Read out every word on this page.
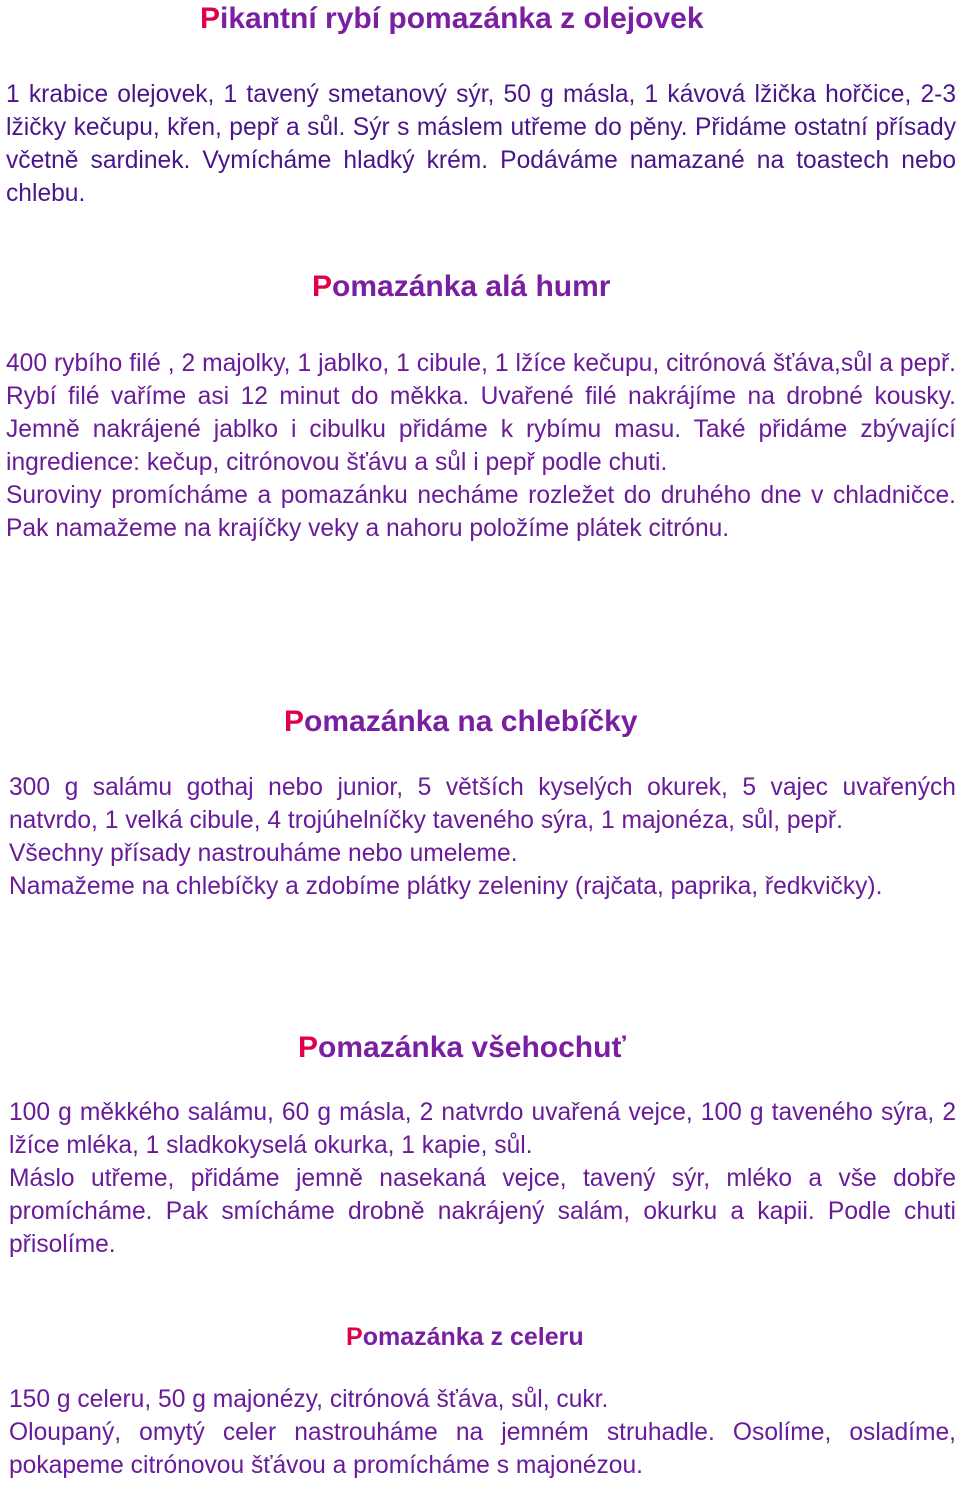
Pikantní rybí pomazánka z olejovek

1 krabice olejovek, 1 tavený smetanový sýr, 50 g másla, 1 kávová lžička hořčice, 2-3 lžičky kečupu, křen, pepř a sůl. Sýr s máslem utřeme do pěny. Přidáme ostatní přísady včetně sardinek. Vymícháme hladký krém. Podáváme namazané na toastech nebo chlebu.

Pomazánka alá humr

400 rybího filé , 2 majolky, 1 jablko, 1 cibule, 1 lžíce kečupu, citrónová šťáva,sůl a pepř. Rybí filé vaříme asi 12 minut do měkka. Uvařené filé nakrájíme na drobné kousky. Jemně nakrájené jablko i cibulku přidáme k rybímu masu. Také přidáme zbývající ingredience: kečup, citrónovou šťávu a sůl i pepř podle chuti.

Suroviny promícháme a pomazánku necháme rozležet do druhého dne v chladničce. Pak namažeme na krajíčky veky a nahoru položíme plátek citrónu.

Pomazánka na chlebíčky

300 g salámu gothaj nebo junior, 5 větších kyselých okurek, 5 vajec uvařených natvrdo, 1 velká cibule, 4 trojúhelníčky taveného sýra, 1 majonéza, sůl, pepř.

Všechny přísady nastrouháme nebo umeleme.

Namažeme na chlebíčky a zdobíme plátky zeleniny (rajčata, paprika, ředkvičky).

Pomazánka všehochuť

100 g měkkého salámu, 60 g másla, 2 natvrdo uvařená vejce, 100 g taveného sýra, 2 lžíce mléka, 1 sladkokyselá okurka, 1 kapie, sůl.

Máslo utřeme, přidáme jemně nasekaná vejce, tavený sýr, mléko a vše dobře promícháme. Pak smícháme drobně nakrájený salám, okurku a kapii. Podle chuti přisolíme.

Pomazánka z celeru

150 g celeru, 50 g majonézy, citrónová šťáva, sůl, cukr.

Oloupaný, omytý celer nastrouháme na jemném struhadle. Osolíme, osladíme, pokapeme citrónovou šťávou a promícháme s majonézou.
